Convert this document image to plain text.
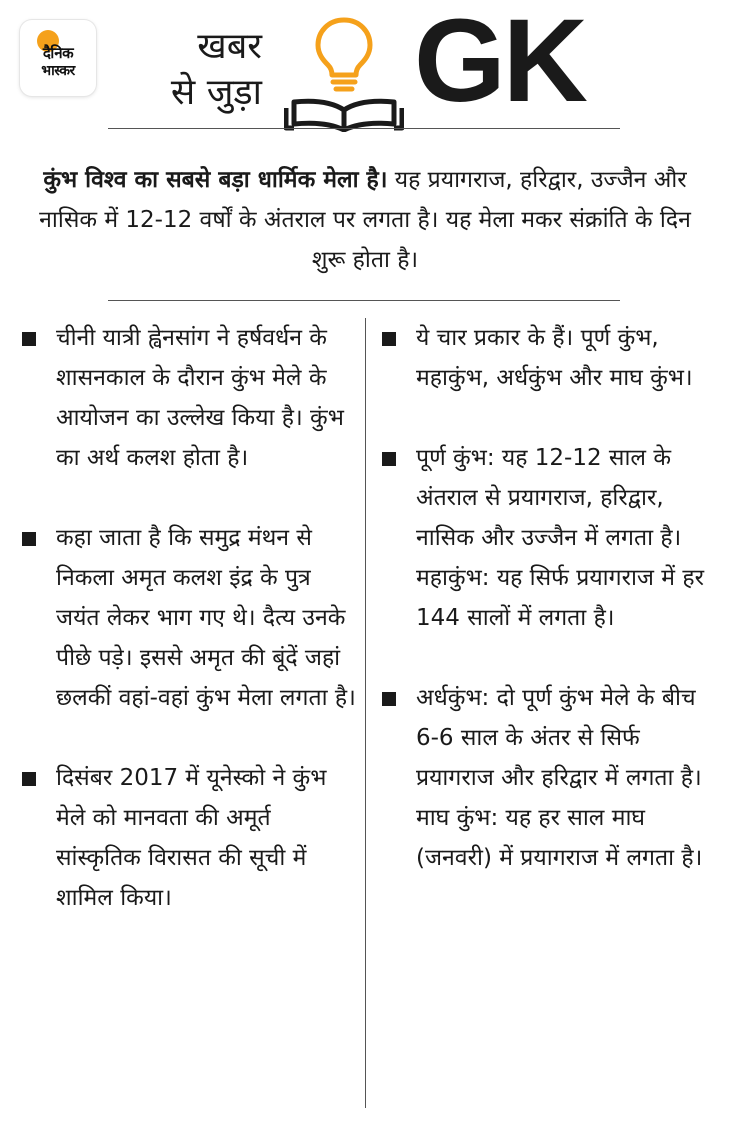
दैनिक
भास्कर
खबर
से जुड़ा GK

कुंभ विश्व का सबसे बड़ा धार्मिक मेला है। यह प्रयागराज, हरिद्वार, उज्जैन और नासिक में 12-12 वर्षों के अंतराल पर लगता है। यह मेला मकर संक्रांति के दिन शुरू होता है।

चीनी यात्री ह्वेनसांग ने हर्षवर्धन के शासनकाल के दौरान कुंभ मेले के आयोजन का उल्लेख किया है। कुंभ का अर्थ कलश होता है।

कहा जाता है कि समुद्र मंथन से निकला अमृत कलश इंद्र के पुत्र जयंत लेकर भाग गए थे। दैत्य उनके पीछे पड़े। इससे अमृत की बूंदें जहां छलकीं वहां-वहां कुंभ मेला लगता है।

दिसंबर 2017 में यूनेस्को ने कुंभ मेले को मानवता की अमूर्त सांस्कृतिक विरासत की सूची में शामिल किया।

ये चार प्रकार के हैं। पूर्ण कुंभ, महाकुंभ, अर्धकुंभ और माघ कुंभ।

पूर्ण कुंभ: यह 12-12 साल के अंतराल से प्रयागराज, हरिद्वार, नासिक और उज्जैन में लगता है। महाकुंभ: यह सिर्फ प्रयागराज में हर 144 सालों में लगता है।

अर्धकुंभ: दो पूर्ण कुंभ मेले के बीच 6-6 साल के अंतर से सिर्फ प्रयागराज और हरिद्वार में लगता है। माघ कुंभ: यह हर साल माघ (जनवरी) में प्रयागराज में लगता है।
